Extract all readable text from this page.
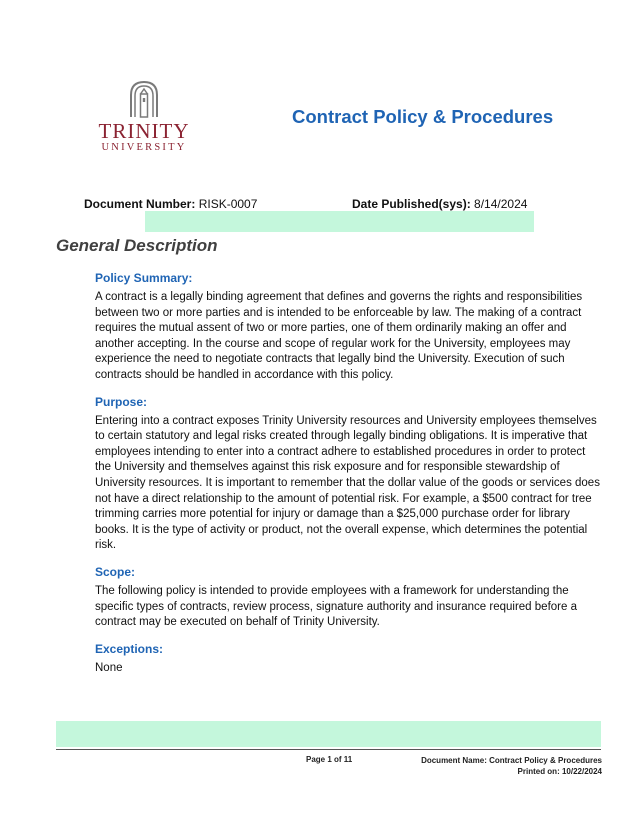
TRINITY
UNIVERSITY
Contract Policy & Procedures
Document Number: RISK-0007	Date Published(sys): 8/14/2024
General Description
Policy Summary:
A contract is a legally binding agreement that defines and governs the rights and responsibilities between two or more parties and is intended to be enforceable by law. The making of a contract requires the mutual assent of two or more parties, one of them ordinarily making an offer and another accepting. In the course and scope of regular work for the University, employees may experience the need to negotiate contracts that legally bind the University. Execution of such contracts should be handled in accordance with this policy.
Purpose:
Entering into a contract exposes Trinity University resources and University employees themselves to certain statutory and legal risks created through legally binding obligations. It is imperative that employees intending to enter into a contract adhere to established procedures in order to protect the University and themselves against this risk exposure and for responsible stewardship of University resources. It is important to remember that the dollar value of the goods or services does not have a direct relationship to the amount of potential risk. For example, a $500 contract for tree trimming carries more potential for injury or damage than a $25,000 purchase order for library books. It is the type of activity or product, not the overall expense, which determines the potential risk.
Scope:
The following policy is intended to provide employees with a framework for understanding the specific types of contracts, review process, signature authority and insurance required before a contract may be executed on behalf of Trinity University.
Exceptions:
None
Page 1 of 11	Document Name: Contract Policy & Procedures
Printed on: 10/22/2024
